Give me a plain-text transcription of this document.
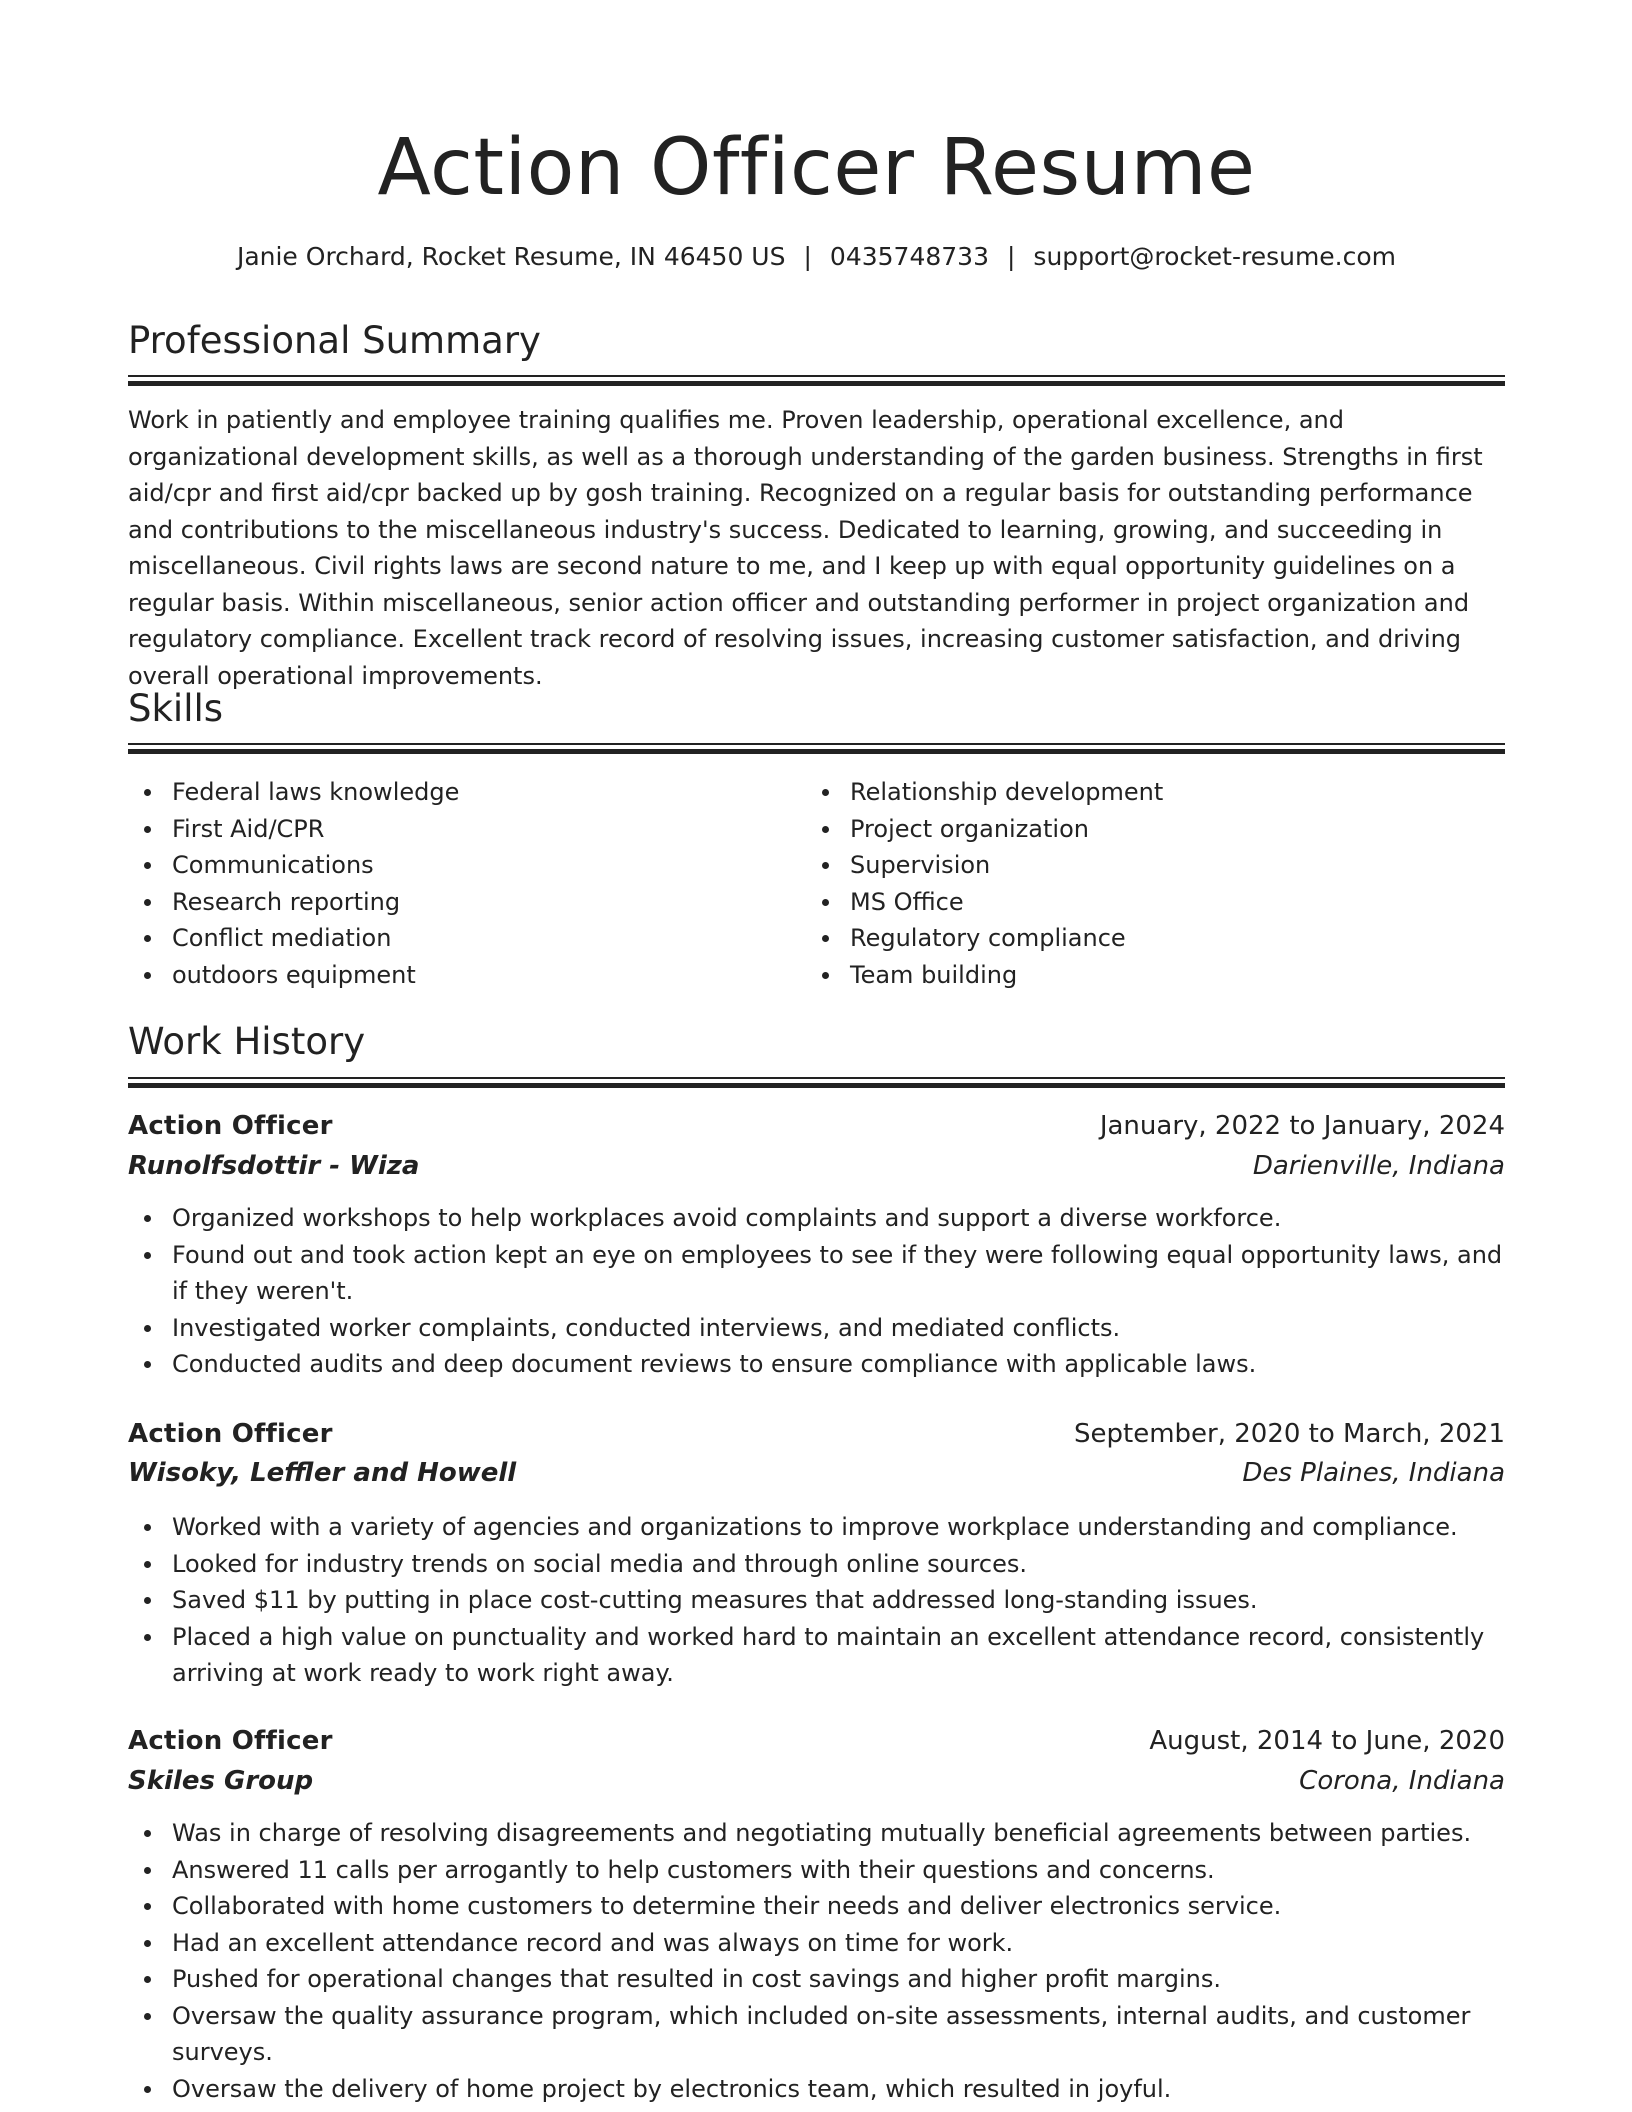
Action Officer Resume
Janie Orchard, Rocket Resume, IN 46450 US | 0435748733 | support@rocket-resume.com
Professional Summary

Work in patiently and employee training qualifies me. Proven leadership, operational excellence, and organizational development skills, as well as a thorough understanding of the garden business. Strengths in first aid/cpr and first aid/cpr backed up by gosh training. Recognized on a regular basis for outstanding performance and contributions to the miscellaneous industry's success. Dedicated to learning, growing, and succeeding in miscellaneous. Civil rights laws are second nature to me, and I keep up with equal opportunity guidelines on a regular basis. Within miscellaneous, senior action officer and outstanding performer in project organization and regulatory compliance. Excellent track record of resolving issues, increasing customer satisfaction, and driving overall operational improvements.

Skills
Federal laws knowledge
First Aid/CPR
Communications
Research reporting
Conflict mediation
outdoors equipment
Relationship development
Project organization
Supervision
MS Office
Regulatory compliance
Team building
Work History
Action Officer	January, 2022 to January, 2024
Runolfsdottir - Wiza	Darienville, Indiana
Organized workshops to help workplaces avoid complaints and support a diverse workforce.
Found out and took action kept an eye on employees to see if they were following equal opportunity laws, and if they weren't.
Investigated worker complaints, conducted interviews, and mediated conflicts.
Conducted audits and deep document reviews to ensure compliance with applicable laws.
Action Officer	September, 2020 to March, 2021
Wisoky, Leffler and Howell	Des Plaines, Indiana
Worked with a variety of agencies and organizations to improve workplace understanding and compliance.
Looked for industry trends on social media and through online sources.
Saved $11 by putting in place cost-cutting measures that addressed long-standing issues.
Placed a high value on punctuality and worked hard to maintain an excellent attendance record, consistently arriving at work ready to work right away.
Action Officer	August, 2014 to June, 2020
Skiles Group	Corona, Indiana
Was in charge of resolving disagreements and negotiating mutually beneficial agreements between parties.
Answered 11 calls per arrogantly to help customers with their questions and concerns.
Collaborated with home customers to determine their needs and deliver electronics service.
Had an excellent attendance record and was always on time for work.
Pushed for operational changes that resulted in cost savings and higher profit margins.
Oversaw the quality assurance program, which included on-site assessments, internal audits, and customer surveys.
Oversaw the delivery of home project by electronics team, which resulted in joyful.
